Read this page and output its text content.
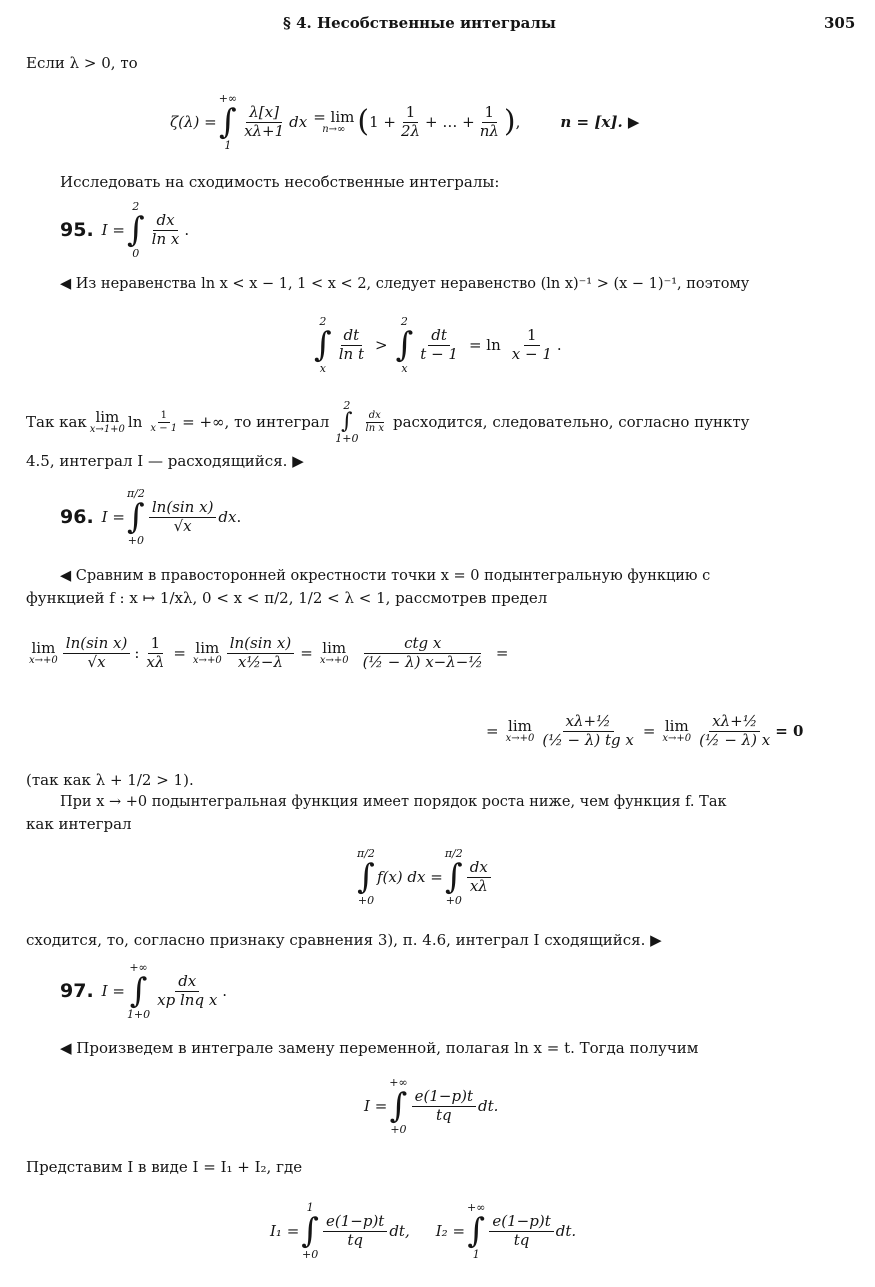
§ 4. Несобственные интегралы	305
Если λ > 0, то
ζ(λ) =
+∞
∫
1
$\frac{\lambda[x]}{x\lambda+1}$ dx = lim
n→∞ ( $1 + \frac{1}{2\lambda}$ + … + $\frac{1}{n\lambda}$ ) ,	n = [x]. ▶
Исследовать на сходимость несобственные интегралы:
95. I =
2
∫
0
$\frac{dx}{\text{ln x}}$ .
◀ Из неравенства ln x < x − 1, 1 < x < 2, следует неравенство (ln x)⁻¹ > (x − 1)⁻¹, поэтому
2
∫
x
$\frac{dt}{\text{ln t}}$ >
2
∫
x
$\frac{dt}{t - 1} = \ln \frac{1}{x - 1}$ .
Так как lim
x→1+0 $\ln \frac{1}{x - 1}$ = +∞, то интеграл
2
∫
1+0
$\frac{dx}{\text{ln x}}$ расходится, следовательно, согласно пункту
4.5, интеграл I — расходящийся. ▶
96. I =
π/2
∫
+0
$\frac{\text{ln(sin x)}}{√x}$ dx .
◀ Сравним в правосторонней окрестности точки x = 0 подынтегральную функцию с
функцией f : x ↦ 1/xλ, 0 < x < π/2, 1/2 < λ < 1, рассмотрев предел
lim
$x\to+0 \frac{\text{ln(sin x)}}{√x}$ : $\frac{1}{x\lambda} = \lim$
$x\to+0 \frac{\text{ln(sin x)}}{\text{x½−λ}} = \lim$
$x\to+0 \frac{\text{ctg x}}{\text{(½ − λ) x−λ−½}}$ =
= lim
$x\to+0 \frac{\text{xλ+½}}{\text{(½ − λ) tg x}} = \lim$
$x\to+0 \frac{\text{xλ+½}}{\text{(½ − λ) x}} = 0$
(так как λ + 1/2 > 1).
При x → +0 подынтегральная функция имеет порядок роста ниже, чем функция f. Так
как интеграл
π/2
∫
+0
f(x) dx =
π/2
∫
+0
$\frac{dx}{x\lambda}$
сходится, то, согласно признаку сравнения 3), п. 4.6, интеграл I сходящийся. ▶
97. I =
+∞
∫
1+0
$\frac{dx}{\text{xp lnq x}}$ .
◀ Произведем в интеграле замену переменной, полагая ln x = t. Тогда получим
I =
+∞
∫
+0
$\frac{e(1-p)t}{tq}$ dt.
Представим I в виде I = I₁ + I₂, где
I₁ =
1
∫
+0
$\frac{e(1-p)t}{tq}$ dt, I₂ =
+∞
∫
1
$\frac{e(1-p)t}{tq}$ dt.
